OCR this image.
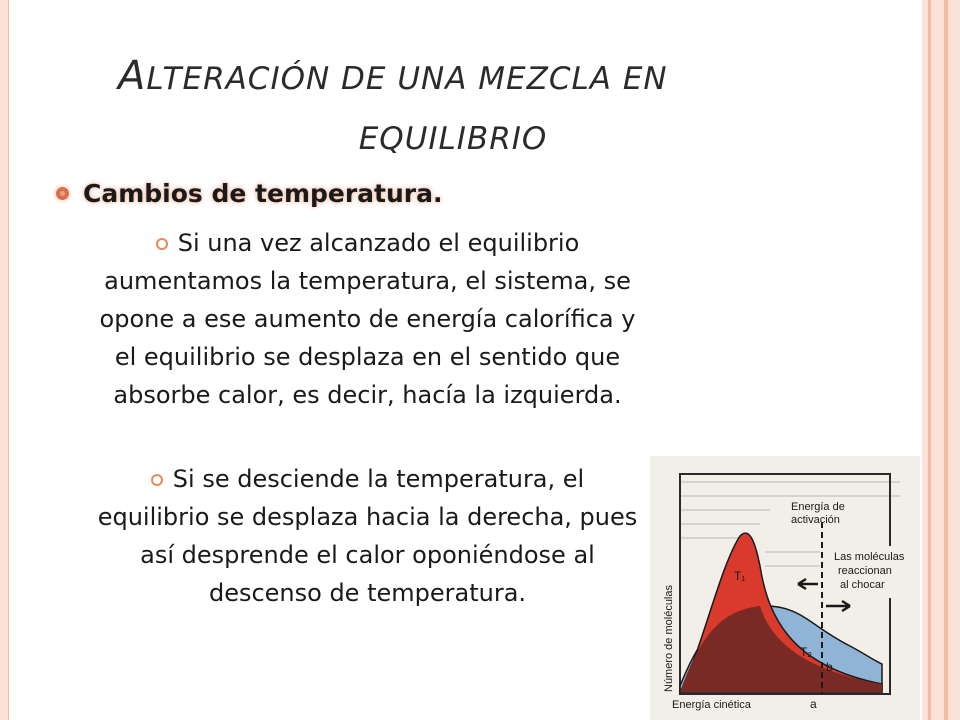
ALTERACIÓN DE UNA MEZCLA EN
EQUILIBRIO
Cambios de temperatura.
Si una vez alcanzado el equilibrio aumentamos la temperatura, el sistema, se opone a ese aumento de energía calorífica y el equilibrio se desplaza en el sentido que absorbe calor, es decir, hacía la izquierda.
Si se desciende la temperatura, el equilibrio se desplaza hacia la derecha, pues así desprende el calor oponiéndose al descenso de temperatura.
Energía de
activación
Las moléculas
reaccionan
al chocar
T₁
T₂
b
a
Energía cinética
Número de moléculas
